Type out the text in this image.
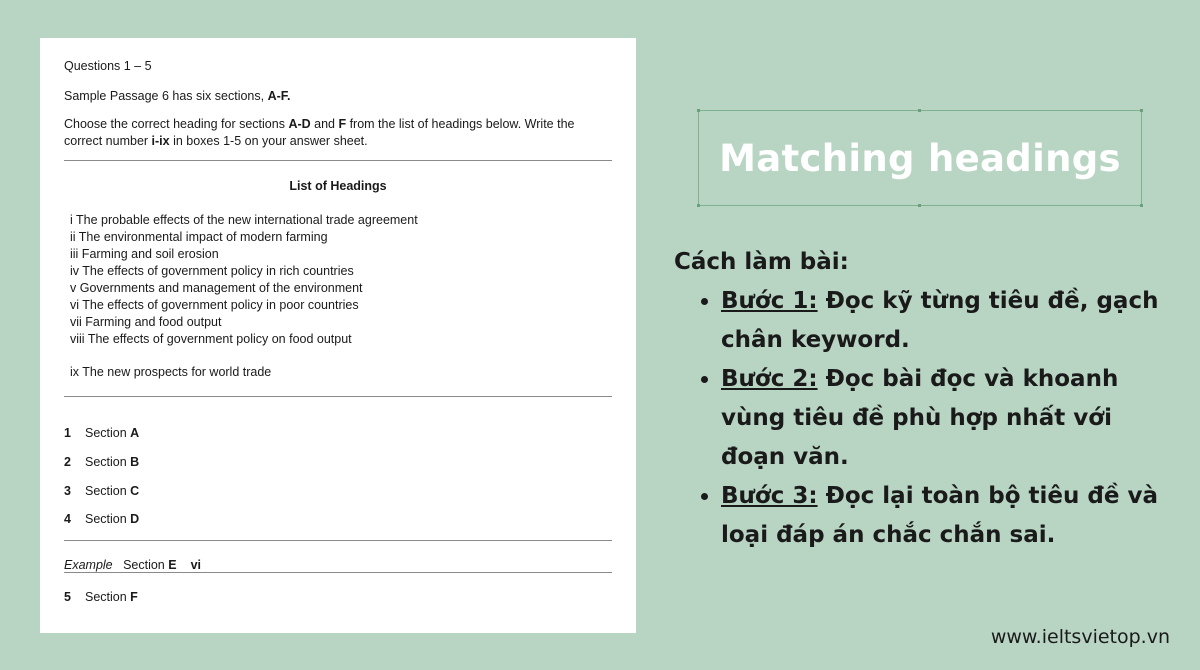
Questions 1 – 5
Sample Passage 6 has six sections, A-F.
Choose the correct heading for sections A-D and F from the list of headings below. Write the correct number i-ix in boxes 1-5 on your answer sheet.
List of Headings
i The probable effects of the new international trade agreement
ii The environmental impact of modern farming
iii Farming and soil erosion
iv The effects of government policy in rich countries
v Governments and management of the environment
vi The effects of government policy in poor countries
vii Farming and food output
viii The effects of government policy on food output
ix The new prospects for world trade
1 Section A
2 Section B
3 Section C
4 Section D
Example Section E vi
5 Section F
Matching headings
Cách làm bài:
• Bước 1: Đọc kỹ từng tiêu đề, gạch chân keyword.
• Bước 2: Đọc bài đọc và khoanh vùng tiêu đề phù hợp nhất với đoạn văn.
• Bước 3: Đọc lại toàn bộ tiêu đề và loại đáp án chắc chắn sai.
www.ieltsvietop.vn
